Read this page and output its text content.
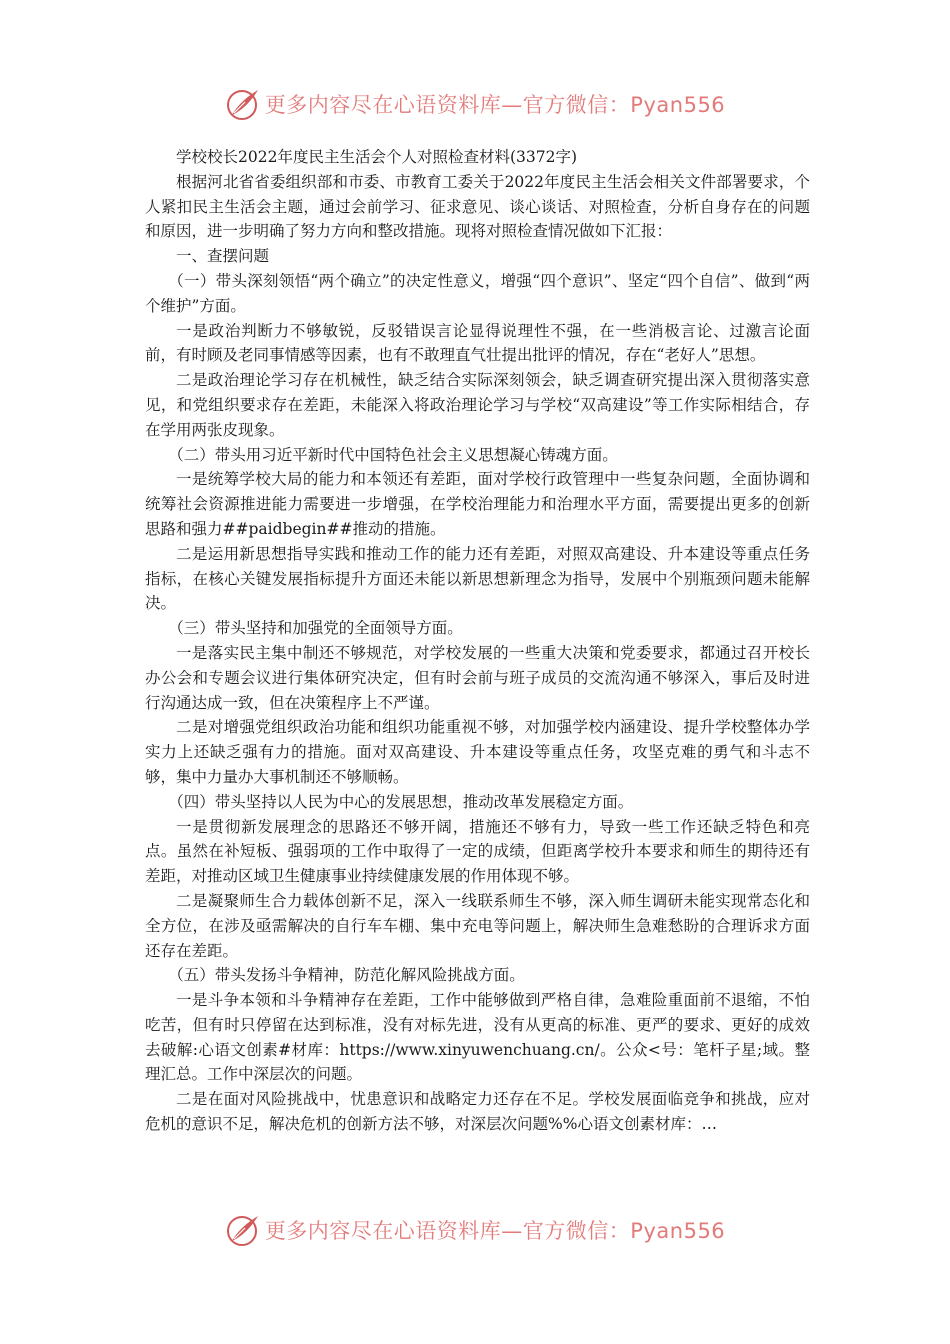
更多内容尽在心语资料库—官方微信：Pyan556

学校校长2022年度民主生活会个人对照检查材料(3372字)

根据河北省省委组织部和市委、市教育工委关于2022年度民主生活会相关文件部署要求，个人紧扣民主生活会主题，通过会前学习、征求意见、谈心谈话、对照检查，分析自身存在的问题和原因，进一步明确了努力方向和整改措施。现将对照检查情况做如下汇报：

一、查摆问题

（一）带头深刻领悟“两个确立”的决定性意义，增强“四个意识”、坚定“四个自信”、做到“两个维护”方面。

一是政治判断力不够敏锐，反驳错误言论显得说理性不强，在一些消极言论、过激言论面前，有时顾及老同事情感等因素，也有不敢理直气壮提出批评的情况，存在“老好人”思想。

二是政治理论学习存在机械性，缺乏结合实际深刻领会，缺乏调查研究提出深入贯彻落实意见，和党组织要求存在差距，未能深入将政治理论学习与学校“双高建设”等工作实际相结合，存在学用两张皮现象。

（二）带头用习近平新时代中国特色社会主义思想凝心铸魂方面。

一是统筹学校大局的能力和本领还有差距，面对学校行政管理中一些复杂问题，全面协调和统筹社会资源推进能力需要进一步增强，在学校治理能力和治理水平方面，需要提出更多的创新思路和强力##paidbegin##推动的措施。

二是运用新思想指导实践和推动工作的能力还有差距，对照双高建设、升本建设等重点任务指标，在核心关键发展指标提升方面还未能以新思想新理念为指导，发展中个别瓶颈问题未能解决。

（三）带头坚持和加强党的全面领导方面。

一是落实民主集中制还不够规范，对学校发展的一些重大决策和党委要求，都通过召开校长办公会和专题会议进行集体研究决定，但有时会前与班子成员的交流沟通不够深入，事后及时进行沟通达成一致，但在决策程序上不严谨。

二是对增强党组织政治功能和组织功能重视不够，对加强学校内涵建设、提升学校整体办学实力上还缺乏强有力的措施。面对双高建设、升本建设等重点任务，攻坚克难的勇气和斗志不够，集中力量办大事机制还不够顺畅。

（四）带头坚持以人民为中心的发展思想，推动改革发展稳定方面。

一是贯彻新发展理念的思路还不够开阔，措施还不够有力，导致一些工作还缺乏特色和亮点。虽然在补短板、强弱项的工作中取得了一定的成绩，但距离学校升本要求和师生的期待还有差距，对推动区域卫生健康事业持续健康发展的作用体现不够。

二是凝聚师生合力载体创新不足，深入一线联系师生不够，深入师生调研未能实现常态化和全方位，在涉及亟需解决的自行车车棚、集中充电等问题上，解决师生急难愁盼的合理诉求方面还存在差距。

（五）带头发扬斗争精神，防范化解风险挑战方面。

一是斗争本领和斗争精神存在差距，工作中能够做到严格自律，急难险重面前不退缩，不怕吃苦，但有时只停留在达到标准，没有对标先进，没有从更高的标准、更严的要求、更好的成效去破解:心语文创素#材库：https://www.xinyuwenchuang.cn/。公众<号：笔杆子星;域。整理汇总。工作中深层次的问题。

二是在面对风险挑战中，忧患意识和战略定力还存在不足。学校发展面临竞争和挑战，应对危机的意识不足，解决危机的创新方法不够，对深层次问题%%心语文创素材库：…

更多内容尽在心语资料库—官方微信：Pyan556
